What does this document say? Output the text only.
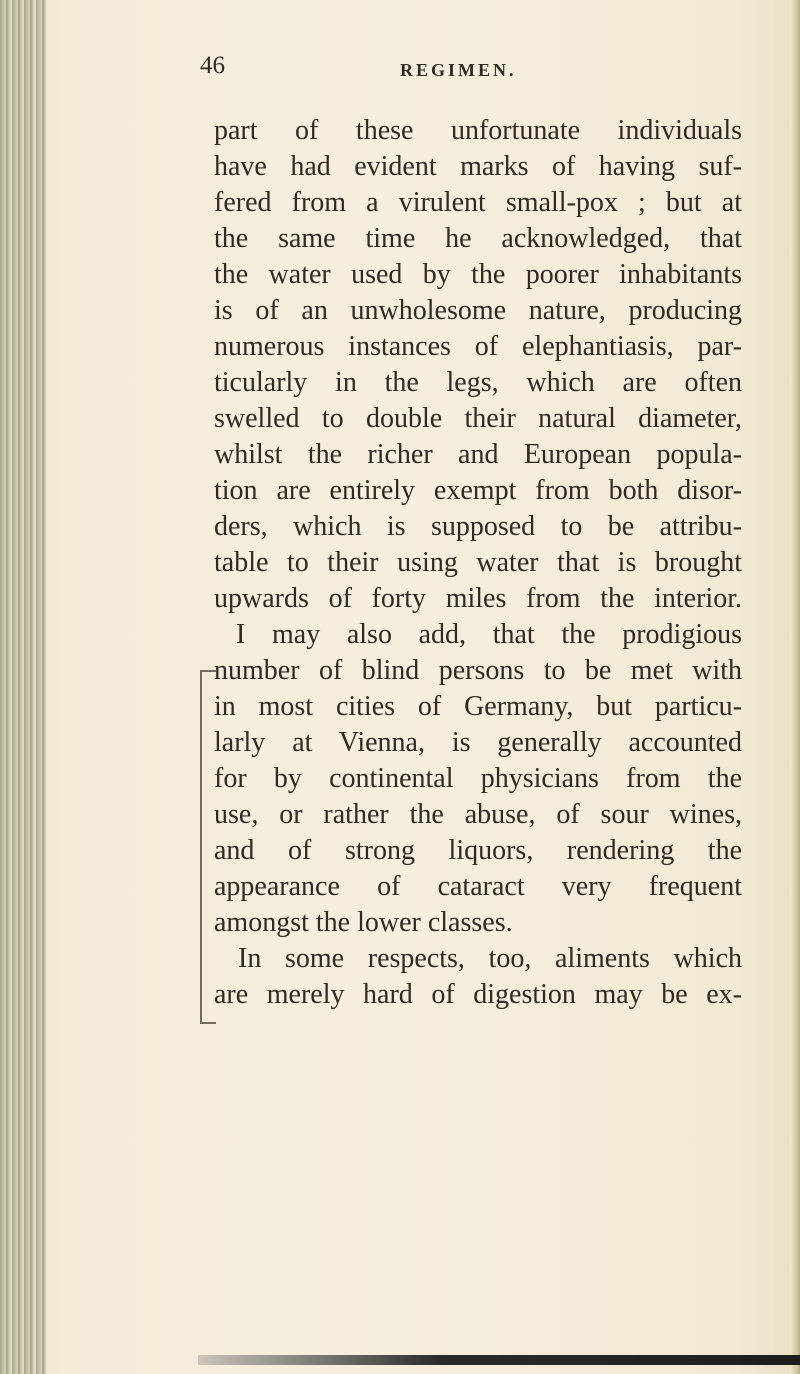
46	REGIMEN.
part of these unfortunate individuals
have had evident marks of having suf-
fered from a virulent small-pox ; but at
the same time he acknowledged, that
the water used by the poorer inhabitants
is of an unwholesome nature, producing
numerous instances of elephantiasis, par-
ticularly in the legs, which are often
swelled to double their natural diameter,
whilst the richer and European popula-
tion are entirely exempt from both disor-
ders, which is supposed to be attribu-
table to their using water that is brought
upwards of forty miles from the interior.
I may also add, that the prodigious
number of blind persons to be met with
in most cities of Germany, but particu-
larly at Vienna, is generally accounted
for by continental physicians from the
use, or rather the abuse, of sour wines,
and of strong liquors, rendering the
appearance of cataract very frequent
amongst the lower classes.
In some respects, too, aliments which
are merely hard of digestion may be ex-
